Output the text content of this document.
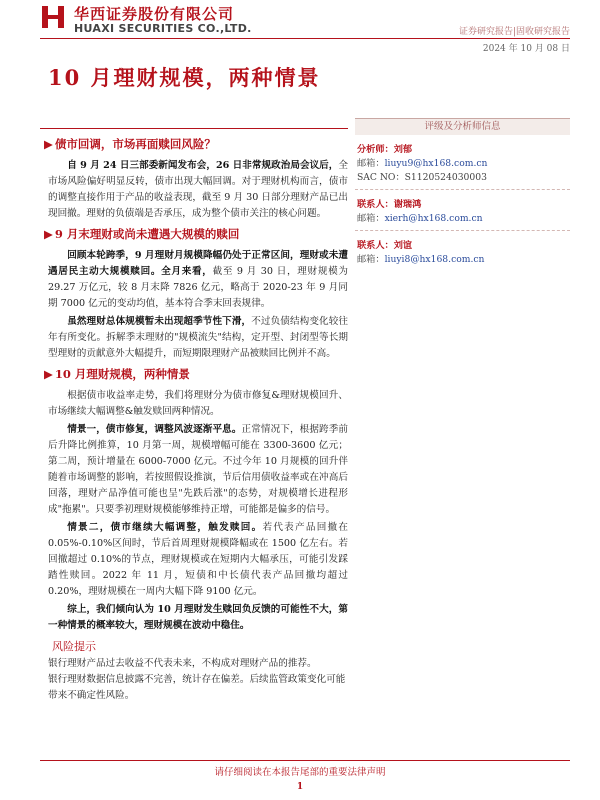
华西证券股份有限公司
HUAXI SECURITIES CO.,LTD.	证券研究报告|固收研究报告
2024 年 10 月 08 日
10 月理财规模，两种情景
▶ 债市回调，市场再面赎回风险？

自 9 月 24 日三部委新闻发布会，26 日非常规政治局会议后，全市场风险偏好明显反转，债市出现大幅回调。对于理财机构而言，债市的调整直接作用于产品的收益表现，截至 9 月 30 日部分理财产品已出现回撤。理财的负债端是否承压，成为整个债市关注的核心问题。

▶ 9 月末理财或尚未遭遇大规模的赎回

回顾本轮跨季，9 月理财月规模降幅仍处于正常区间，理财或未遭遇居民主动大规模赎回。全月来看，截至 9 月 30 日，理财规模为 29.27 万亿元，较 8 月末降 7826 亿元，略高于 2020-23 年 9 月同期 7000 亿元的变动均值，基本符合季末回表规律。

虽然理财总体规模暂未出现超季节性下滑，不过负债结构变化较往年有所变化。拆解季末理财的"规模流失"结构，定开型、封闭型等长期型理财的贡献意外大幅提升，而短期限理财产品被赎回比例并不高。

▶ 10 月理财规模，两种情景

根据债市收益率走势，我们将理财分为债市修复&理财规模回升、市场继续大幅调整&触发赎回两种情况。

情景一，债市修复，调整风波逐渐平息。正常情况下，根据跨季前后升降比例推算，10 月第一周，规模增幅可能在 3300-3600 亿元；第二周，预计增量在 6000-7000 亿元。不过今年 10 月规模的回升伴随着市场调整的影响，若按照假设推演，节后信用债收益率或在冲高后回落，理财产品净值可能也呈"先跌后涨"的态势，对规模增长进程形成"拖累"。只要季初理财规模能够维持正增，可能都是偏多的信号。

情景二，债市继续大幅调整，触发赎回。若代表产品回撤在 0.05%-0.10%区间时，节后首周理财规模降幅或在 1500 亿左右。若回撤超过 0.10%的节点，理财规模或在短期内大幅承压，可能引发踩踏性赎回。2022 年 11 月，短债和中长债代表产品回撤均超过 0.20%，理财规模在一周内大幅下降 9100 亿元。

综上，我们倾向认为 10 月理财发生赎回负反馈的可能性不大，第一种情景的概率较大，理财规模在波动中稳住。

风险提示

银行理财产品过去收益不代表未来，不构成对理财产品的推荐。

银行理财数据信息披露不完善，统计存在偏差。后续监管政策变化可能带来不确定性风险。

评级及分析师信息
分析师：刘郁
邮箱：liuyu9@hx168.com.cn
SAC NO：S1120524030003
联系人：谢瑞鸿
邮箱：xierh@hx168.com.cn
联系人：刘谊
邮箱：liuyi8@hx168.com.cn
请仔细阅读在本报告尾部的重要法律声明
1
